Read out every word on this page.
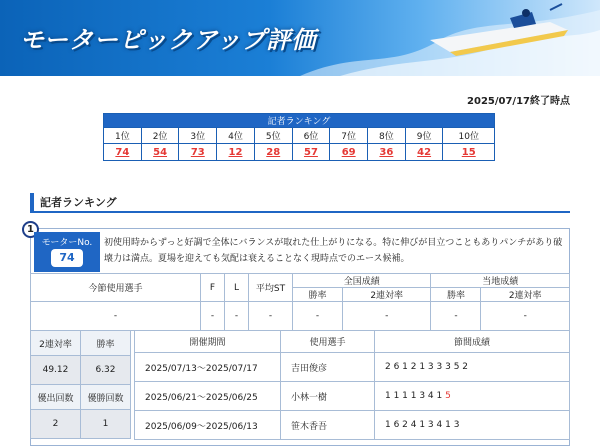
モーターピックアップ評価
2025/07/17終了時点
記者ランキング									
1位	2位	3位	4位	5位	6位	7位	8位	9位	10位
74	54	73	12	28	57	69	36	42	15
記者ランキング
1
モーターNo.
74
初使用時からずっと好調で全体にバランスが取れた仕上がりになる。特に伸びが目立つこともありパンチがあり破壊力は満点。夏場を迎えても気配は衰えることなく現時点でのエース候補。
今節使用選手	F	L	平均ST	全国成績		当地成績	
				勝率	2連対率	勝率	2連対率
-	-	-	-	-	-	-	-
2連対率	勝率
49.12	6.32
優出回数	優勝回数
2	1
開催期間	使用選手	節間成績
2025/07/13～2025/07/17	吉田俊彦	2 6 1 2 1 3 3 3 5 2
2025/06/21～2025/06/25	小林一樹	1 1 1 1 3 4 1 5
2025/06/09～2025/06/13	笹木香吾	1 6 2 4 1 3 4 1 3
